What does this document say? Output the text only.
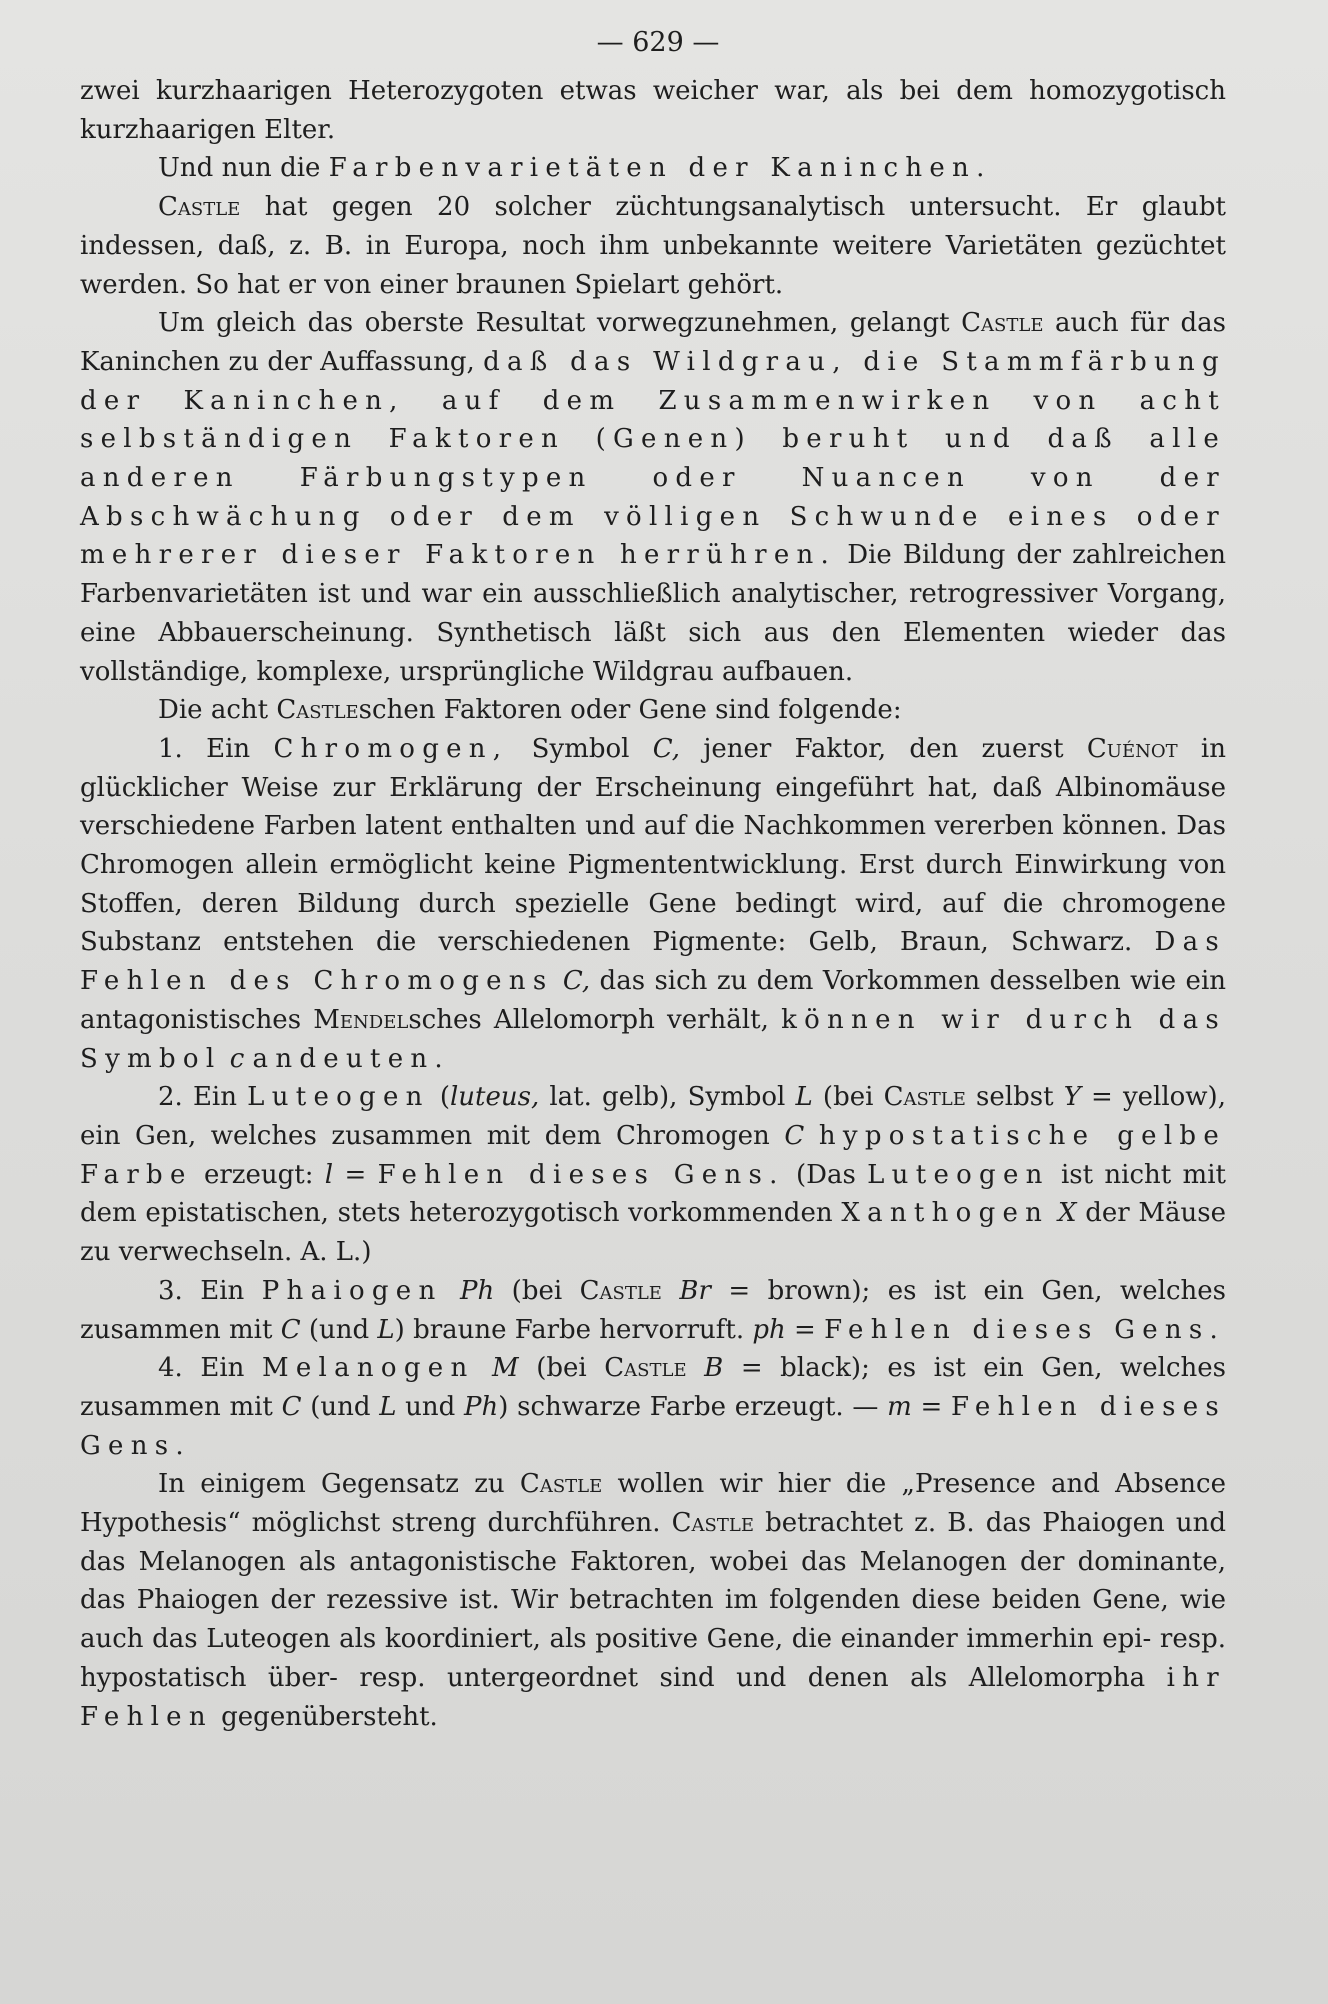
— 629 —

zwei kurzhaarigen Heterozygoten etwas weicher war, als bei dem homozygotisch kurzhaarigen Elter.

Und nun die Farbenvarietäten der Kaninchen.

Castle hat gegen 20 solcher züchtungsanalytisch untersucht. Er glaubt indessen, daß, z. B. in Europa, noch ihm unbekannte weitere Varietäten gezüchtet werden. So hat er von einer braunen Spielart gehört.

Um gleich das oberste Resultat vorwegzunehmen, gelangt Castle auch für das Kaninchen zu der Auffassung, daß das Wildgrau, die Stammfärbung der Kaninchen, auf dem Zusammenwirken von acht selbständigen Faktoren (Genen) beruht und daß alle anderen Färbungstypen oder Nuancen von der Abschwächung oder dem völligen Schwunde eines oder mehrerer dieser Faktoren herrühren. Die Bildung der zahlreichen Farbenvarietäten ist und war ein ausschließlich analytischer, retrogressiver Vorgang, eine Abbauerscheinung. Synthetisch läßt sich aus den Elementen wieder das vollständige, komplexe, ursprüngliche Wildgrau aufbauen.

Die acht Castleschen Faktoren oder Gene sind folgende:

1. Ein Chromogen, Symbol C, jener Faktor, den zuerst Cuénot in glücklicher Weise zur Erklärung der Erscheinung eingeführt hat, daß Albinomäuse verschiedene Farben latent enthalten und auf die Nachkommen vererben können. Das Chromogen allein ermöglicht keine Pigmententwicklung. Erst durch Einwirkung von Stoffen, deren Bildung durch spezielle Gene bedingt wird, auf die chromogene Substanz entstehen die verschiedenen Pigmente: Gelb, Braun, Schwarz. Das Fehlen des Chromogens C, das sich zu dem Vorkommen desselben wie ein antagonistisches Mendelsches Allelomorph verhält, können wir durch das Symbol c andeuten.

2. Ein Luteogen (luteus, lat. gelb), Symbol L (bei Castle selbst Y = yellow), ein Gen, welches zusammen mit dem Chromogen C hypostatische gelbe Farbe erzeugt: l = Fehlen dieses Gens. (Das Luteogen ist nicht mit dem epistatischen, stets heterozygotisch vorkommenden Xanthogen X der Mäuse zu verwechseln. A. L.)

3. Ein Phaiogen Ph (bei Castle Br = brown); es ist ein Gen, welches zusammen mit C (und L) braune Farbe hervorruft. ph = Fehlen dieses Gens.

4. Ein Melanogen M (bei Castle B = black); es ist ein Gen, welches zusammen mit C (und L und Ph) schwarze Farbe erzeugt. — m = Fehlen dieses Gens.

In einigem Gegensatz zu Castle wollen wir hier die „Presence and Absence Hypothesis“ möglichst streng durchführen. Castle betrachtet z. B. das Phaiogen und das Melanogen als antagonistische Faktoren, wobei das Melanogen der dominante, das Phaiogen der rezessive ist. Wir betrachten im folgenden diese beiden Gene, wie auch das Luteogen als koordiniert, als positive Gene, die einander immerhin epi- resp. hypostatisch über- resp. untergeordnet sind und denen als Allelomorpha ihr Fehlen gegenübersteht.
